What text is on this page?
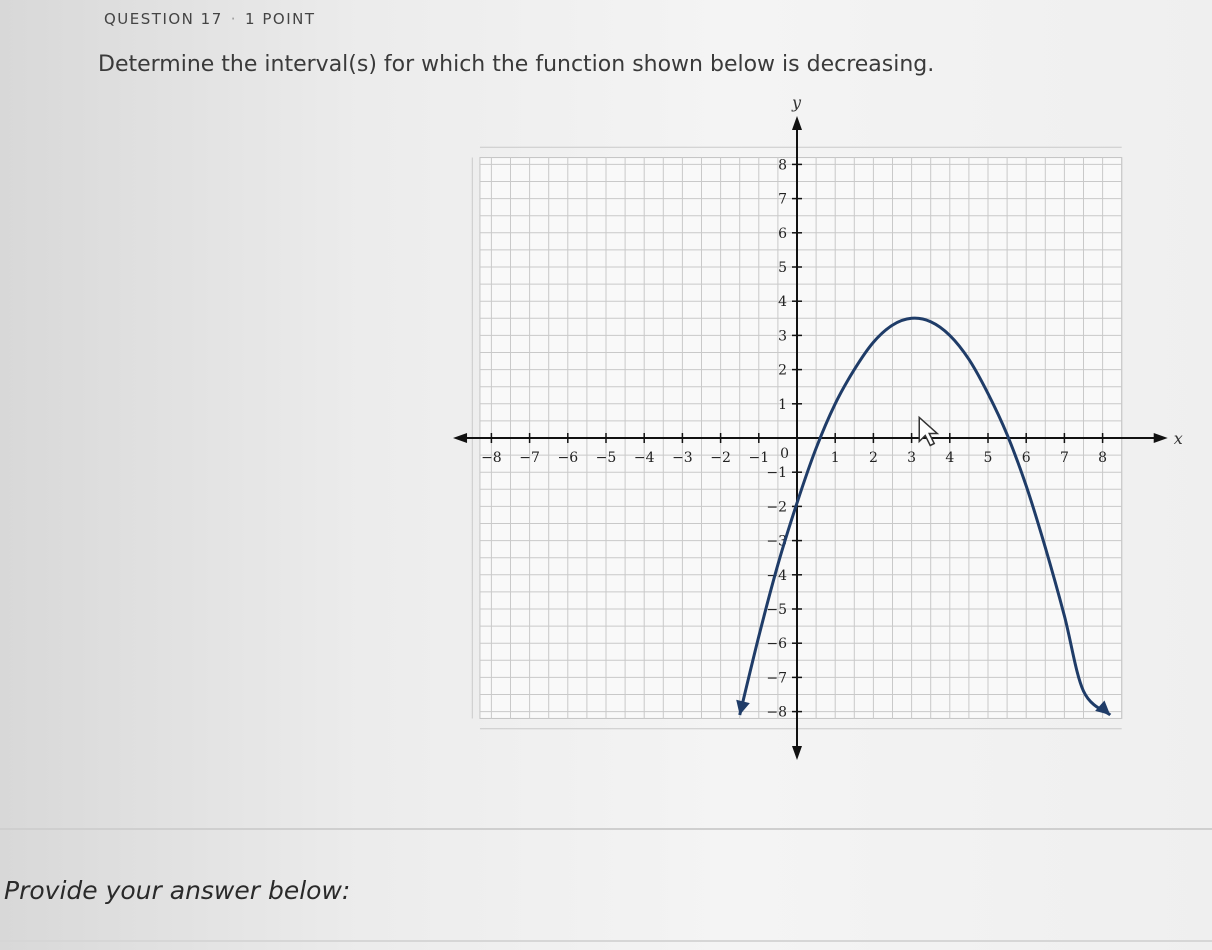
QUESTION 17 · 1 POINT
Determine the interval(s) for which the function shown below is decreasing.
x
y
−8 −7 −6 −5 −4 −3 −2 −1	1 2 3 4 5 6 7 8
−8
−7
−6
−5
−4
−3
−2
−1
1
2
3
4
5
6
7
8
0
Provide your answer below:
